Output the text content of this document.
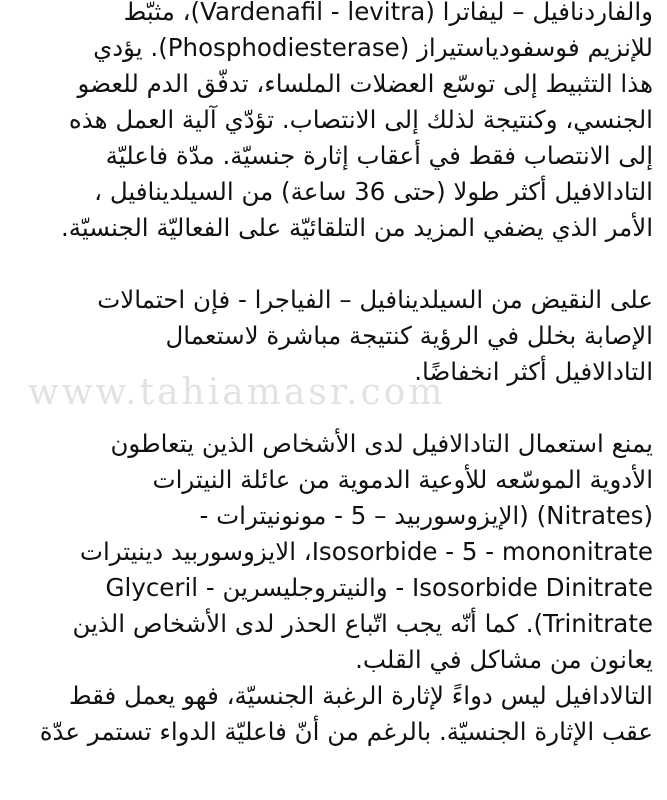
والفاردنافيل – ليفاترا (Vardenafil - levitra)، مثبّط
للإنزيم فوسفودياستيراز (Phosphodiesterase). يؤدي
هذا التثبيط إلى توسّع العضلات الملساء، تدفّق الدم للعضو
الجنسي، وكنتيجة لذلك إلى الانتصاب. تؤدّي آلية العمل هذه
إلى الانتصاب فقط في أعقاب إثارة جنسيّة. مدّة فاعليّة
التادالافيل أكثر طولا (حتى 36 ساعة) من السيلدينافيل ،
الأمر الذي يضفي المزيد من التلقائيّة على الفعاليّة الجنسيّة.

على النقيض من السيلدينافيل – الفياجرا - فإن احتمالات
الإصابة بخلل في الرؤية كنتيجة مباشرة لاستعمال
التادالافيل أكثر انخفاضًا.

يمنع استعمال التادالافيل لدى الأشخاص الذين يتعاطون
الأدوية الموسّعه للأوعية الدموية من عائلة النيترات
(Nitrates) (الإيزوسوربيد – 5 - مونونيترات -
Isosorbide - 5 - mononitrate، الايزوسوربيد دينيترات
Isosorbide Dinitrate - والنيتروجليسرين - Glyceril
Trinitrate). كما أنّه يجب اتّباع الحذر لدى الأشخاص الذين
يعانون من مشاكل في القلب.
التالادافيل ليس دواءً لإثارة الرغبة الجنسيّة، فهو يعمل فقط
عقب الإثارة الجنسيّة. بالرغم من أنّ فاعليّة الدواء تستمر عدّة

www.tahiamasr.com
